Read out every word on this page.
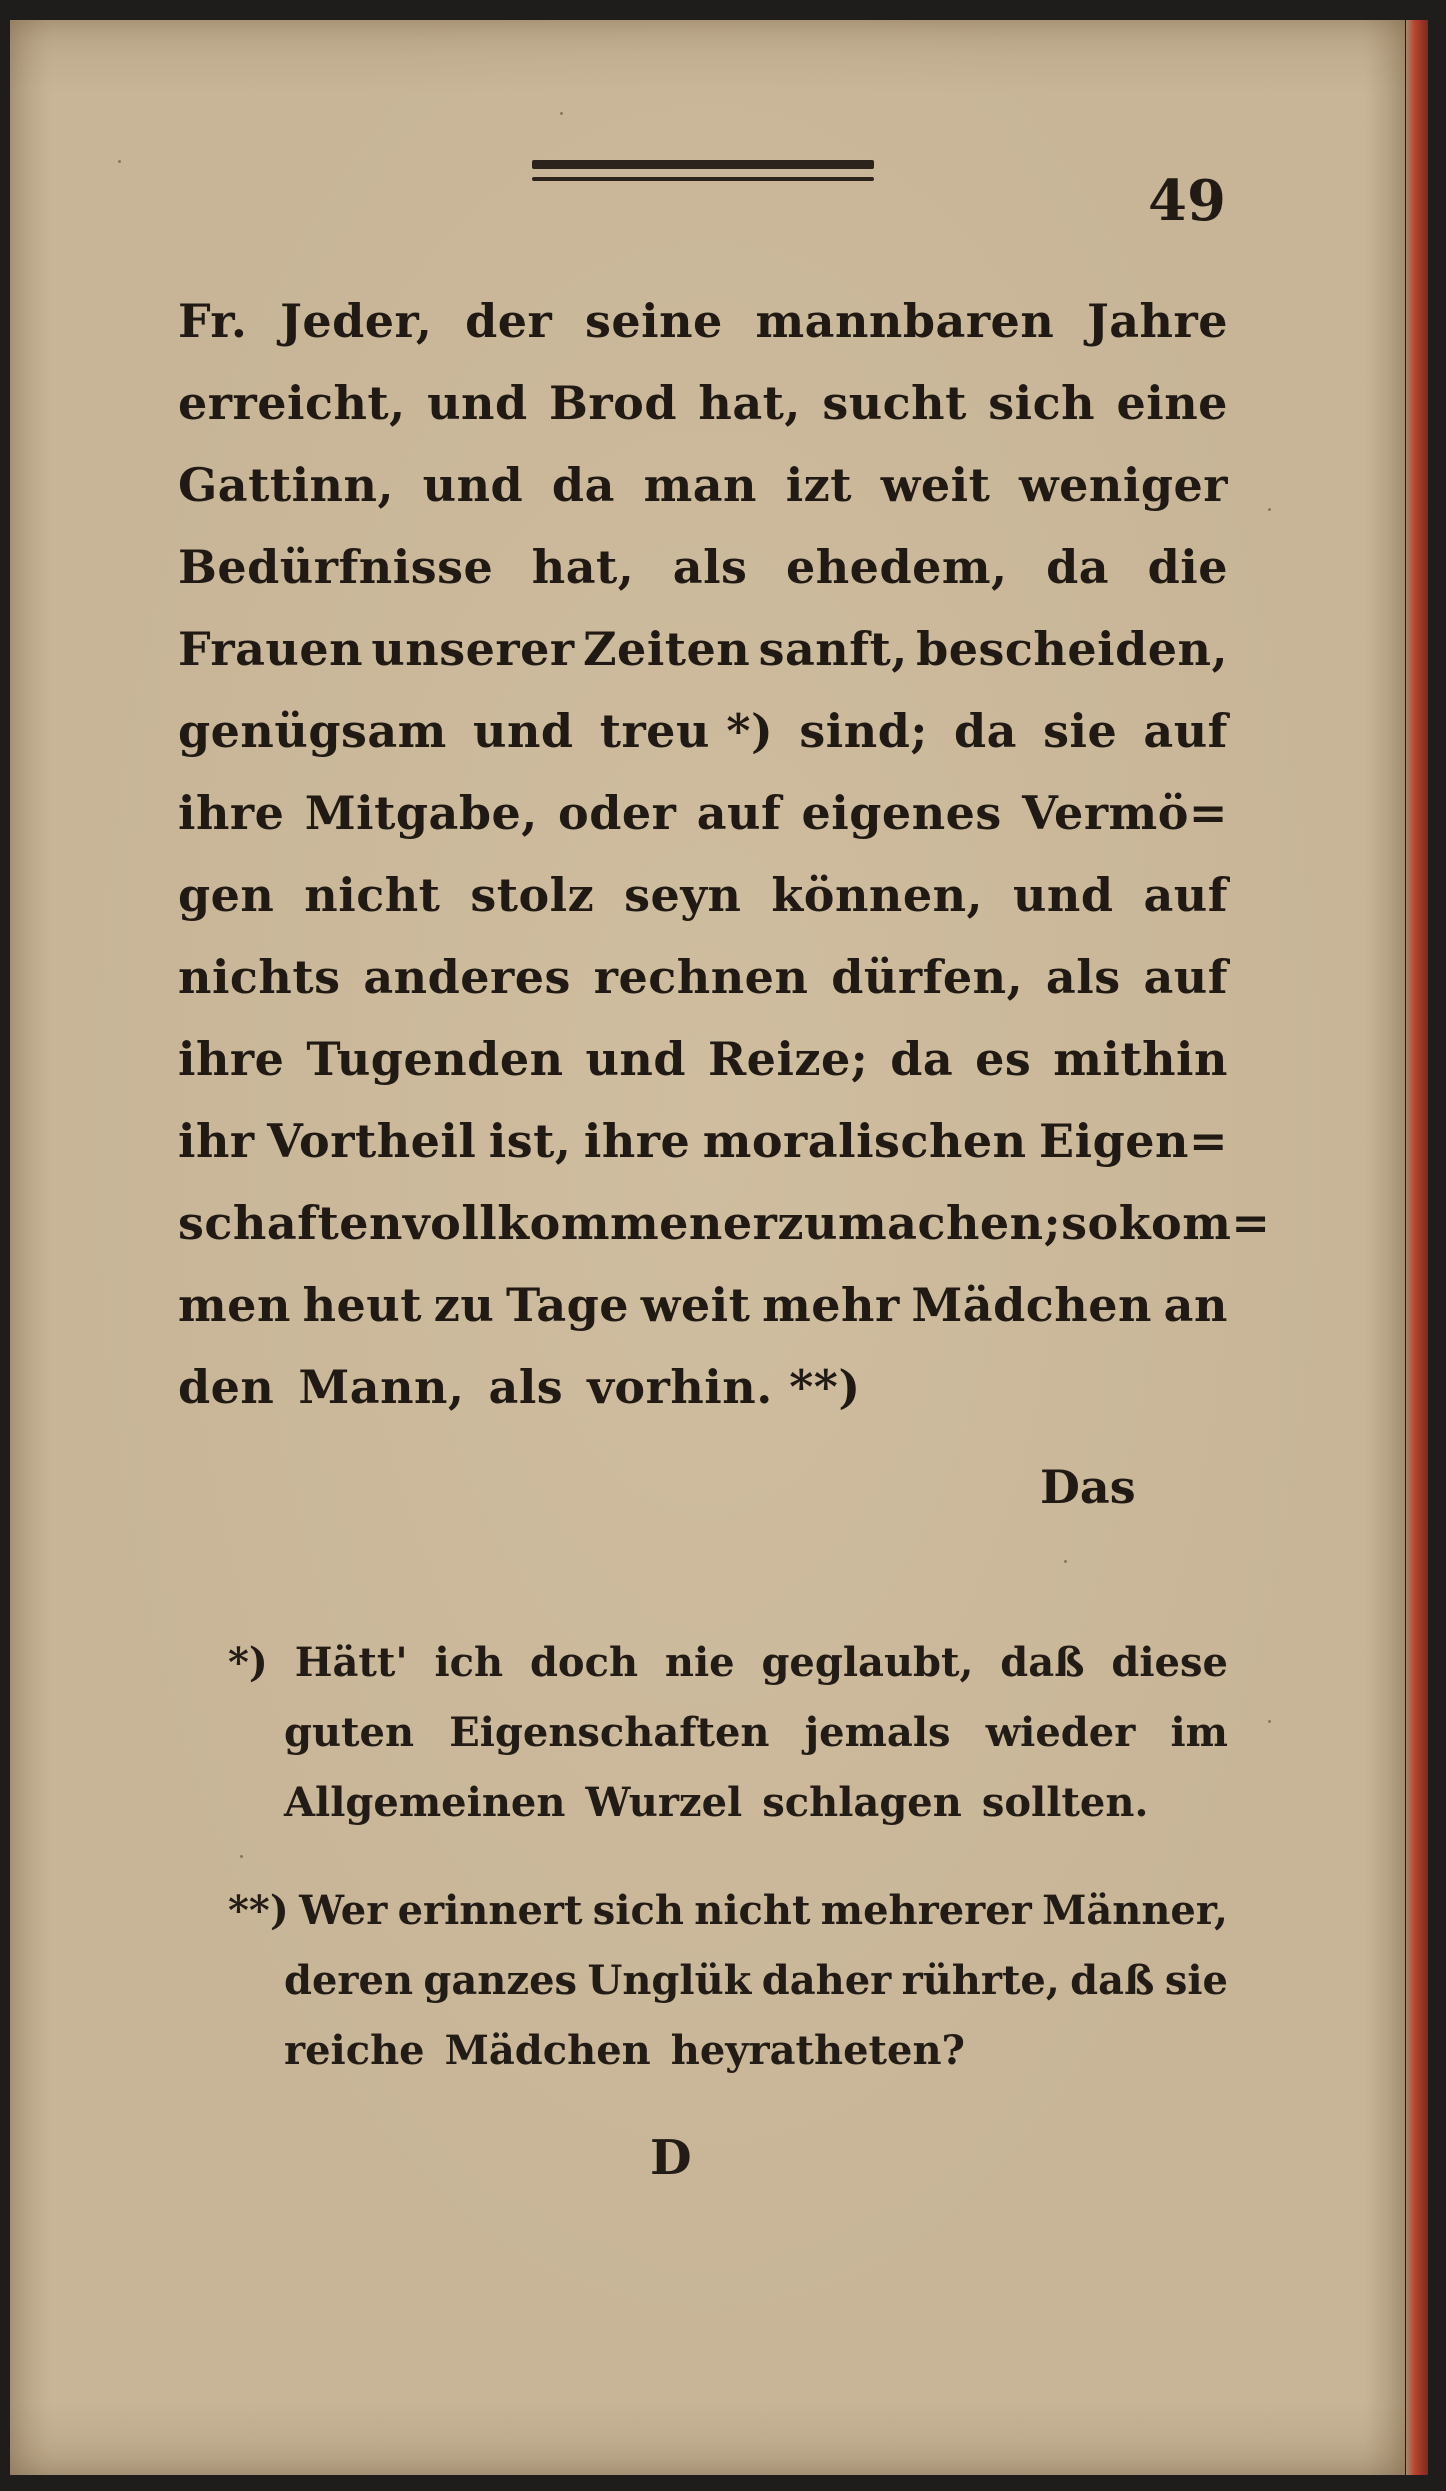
49
Fr. Jeder, der seine mannbaren Jahre
erreicht, und Brod hat, sucht sich eine
Gattinn, und da man izt weit weniger
Bedürfnisse hat, als ehedem, da die
Frauen unserer Zeiten sanft, bescheiden,
genügsam und treu *) sind; da sie auf
ihre Mitgabe, oder auf eigenes Vermö=
gen nicht stolz seyn können, und auf
nichts anderes rechnen dürfen, als auf
ihre Tugenden und Reize; da es mithin
ihr Vortheil ist, ihre moralischen Eigen=
schaften vollkommener zu machen; so kom=
men heut zu Tage weit mehr Mädchen an
den Mann, als vorhin. **)
Das
*) Hätt' ich doch nie geglaubt, daß diese
guten Eigenschaften jemals wieder im
Allgemeinen Wurzel schlagen sollten.
**) Wer erinnert sich nicht mehrerer Männer,
deren ganzes Unglük daher rührte, daß sie
reiche Mädchen heyratheten?
D
